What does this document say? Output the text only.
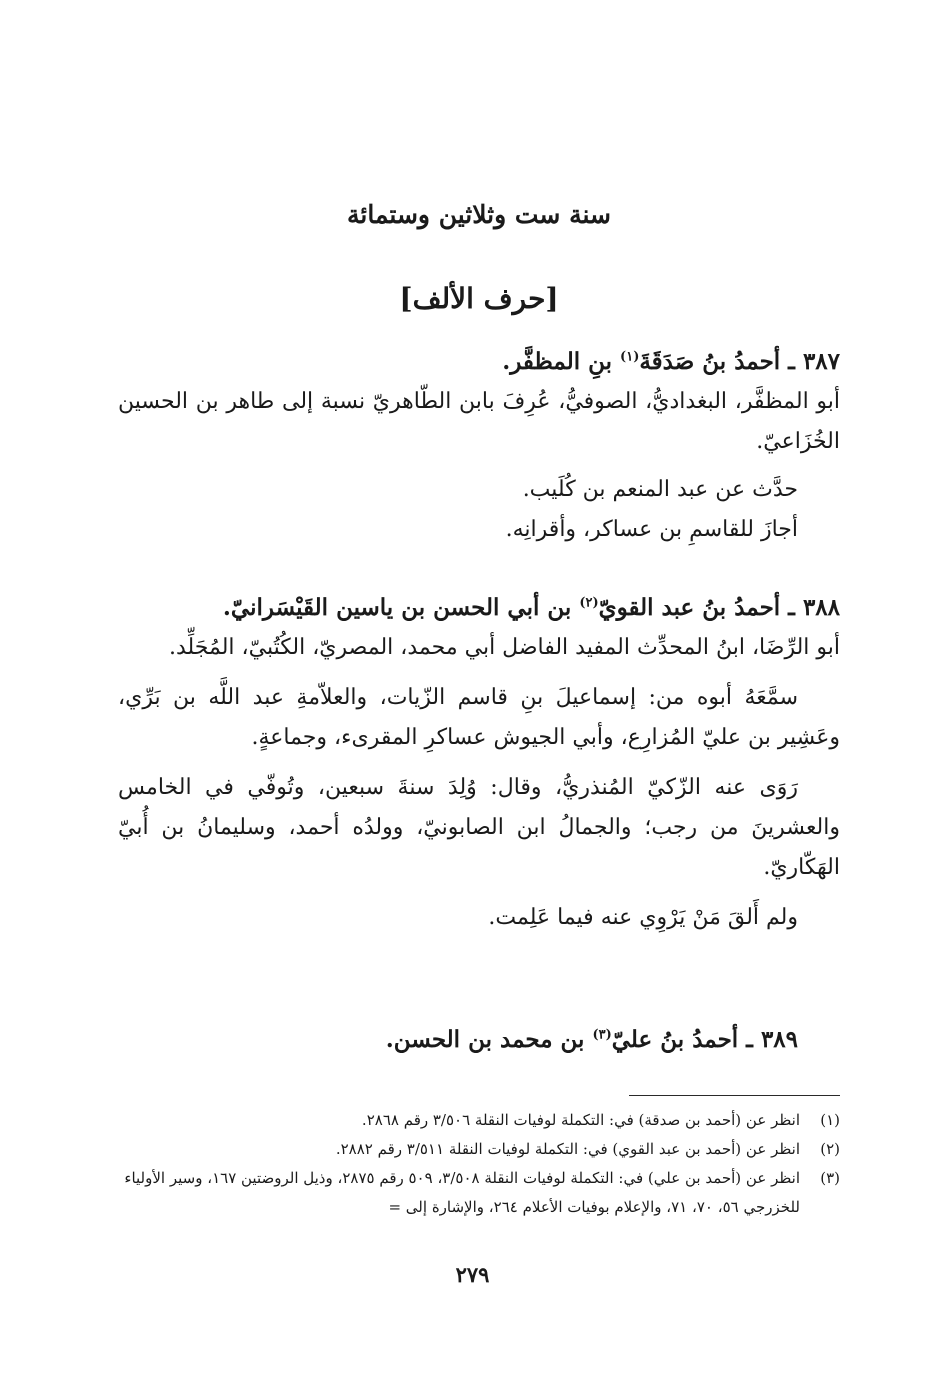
سنة ست وثلاثين وستمائة
[حرف الألف]
٣٨٧ ـ أحمدُ بنُ صَدَقَةَ$^{(١)}$ بنِ المظفَّر.
أبو المظفَّر، البغداديُّ، الصوفيُّ، عُرِفَ بابن الطّاهريّ نسبة إلى طاهر بن الحسين الخُزَاعيّ.
حدَّث عن عبد المنعم بن كُلَيب.
أجازَ للقاسمِ بن عساكر، وأقرانِه.
٣٨٨ ـ أحمدُ بنُ عبد القويّ$^{(٢)}$ بن أبي الحسن بن ياسين القَيْسَرانيّ.
أبو الرِّضَا، ابنُ المحدِّث المفيد الفاضل أبي محمد، المصريّ، الكُتُبيّ، المُجَلِّد.
سمَّعَهُ أبوه من: إسماعيلَ بنِ قاسم الزّيات، والعلاّمةِ عبد اللَّه بن بَرِّي، وعَشِير بن عليّ المُزارِع، وأبي الجيوش عساكرِ المقرىء، وجماعةٍ.
رَوَى عنه الزّكيّ المُنذريُّ، وقال: وُلِدَ سنةَ سبعين، وتُوفّي في الخامس والعشرينَ من رجب؛ والجمالُ ابن الصابونيّ، وولدُه أحمد، وسليمانُ بن أُبيّ الهَكّاريّ.
ولم أَلقَ مَنْ يَرْوِي عنه فيما عَلِمت.
٣٨٩ ـ أحمدُ بنُ عليّ$^{(٣)}$ بن محمد بن الحسن.
(١)
انظر عن (أحمد بن صدقة) في: التكملة لوفيات النقلة ٣/٥٠٦ رقم ٢٨٦٨.
(٢)
انظر عن (أحمد بن عبد القوي) في: التكملة لوفيات النقلة ٣/٥١١ رقم ٢٨٨٢.
(٣)
انظر عن (أحمد بن علي) في: التكملة لوفيات النقلة ٣/٥٠٨، ٥٠٩ رقم ٢٨٧٥، وذيل الروضتين ١٦٧، وسير الأولياء للخزرجي ٥٦، ٧٠، ٧١، والإعلام بوفيات الأعلام ٢٦٤، والإشارة إلى =
٢٧٩
